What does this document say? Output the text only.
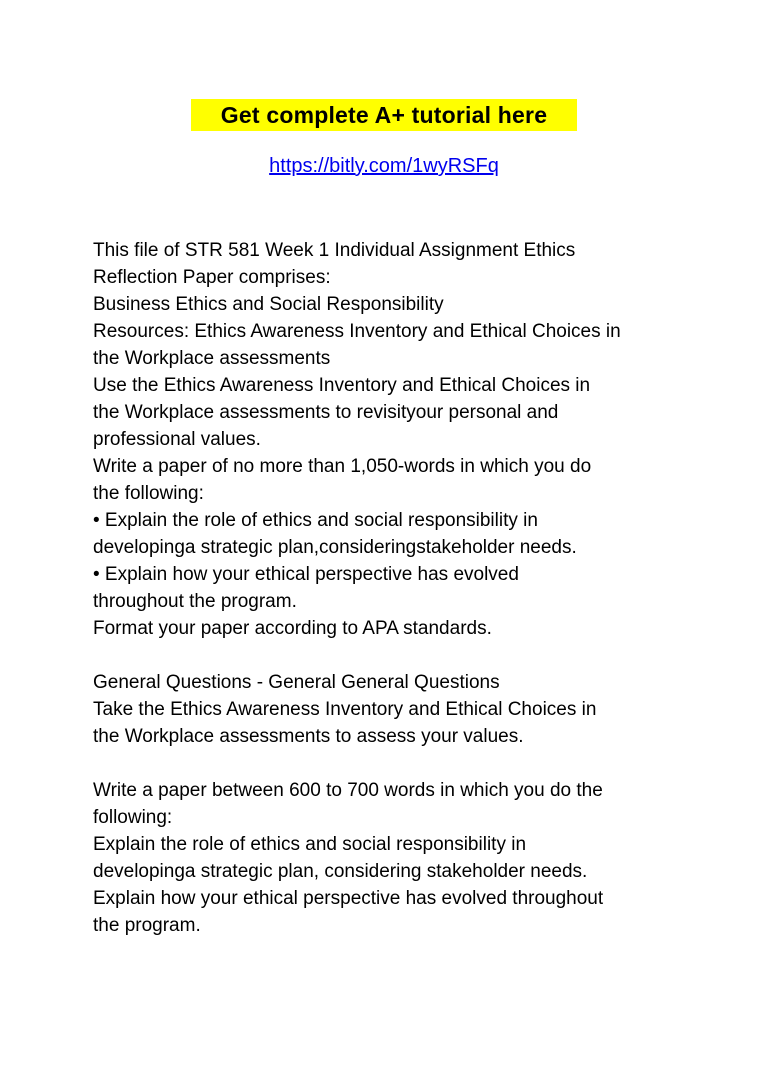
Get complete A+ tutorial here
https://bitly.com/1wyRSFq
This file of STR 581 Week 1 Individual Assignment Ethics
Reflection Paper comprises:
Business Ethics and Social Responsibility
Resources: Ethics Awareness Inventory and Ethical Choices in
the Workplace assessments
Use the Ethics Awareness Inventory and Ethical Choices in
the Workplace assessments to revisityour personal and
professional values.
Write a paper of no more than 1,050-words in which you do
the following:
• Explain the role of ethics and social responsibility in
developinga strategic plan,consideringstakeholder needs.
• Explain how your ethical perspective has evolved
throughout the program.
Format your paper according to APA standards.
General Questions - General General Questions
Take the Ethics Awareness Inventory and Ethical Choices in
the Workplace assessments to assess your values.
Write a paper between 600 to 700 words in which you do the
following:
Explain the role of ethics and social responsibility in
developinga strategic plan, considering stakeholder needs.
Explain how your ethical perspective has evolved throughout
the program.
